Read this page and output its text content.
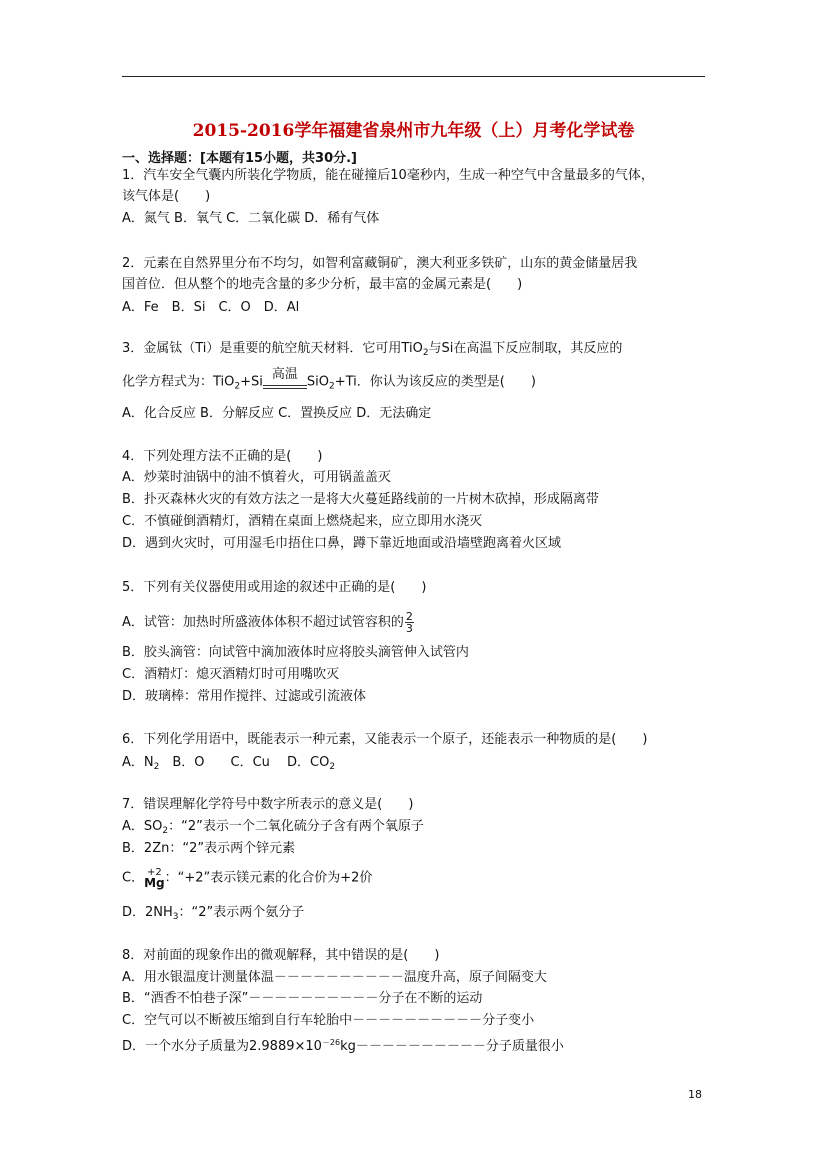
2015-2016学年福建省泉州市九年级（上）月考化学试卷
一、选择题：[本题有15小题，共30分.]
1．汽车安全气囊内所装化学物质，能在碰撞后10毫秒内，生成一种空气中含量最多的气体，
该气体是(　　)
A．氮气 B．氧气 C．二氧化碳 D．稀有气体
2．元素在自然界里分布不均匀，如智利富藏铜矿，澳大利亚多铁矿，山东的黄金储量居我
国首位．但从整个的地壳含量的多少分析，最丰富的金属元素是(　　)
A．Fe　B．Si　C．O　D．Al
3．金属钛（Ti）是重要的航空航天材料．它可用TiO$_2$与Si在高温下反应制取，其反应的
化学方程式为：TiO$_2$+Si 高温 SiO$_2$+Ti．你认为该反应的类型是(　　)
A．化合反应 B．分解反应 C．置换反应 D．无法确定
4．下列处理方法不正确的是(　　)
A．炒菜时油锅中的油不慎着火，可用锅盖盖灭
B．扑灭森林火灾的有效方法之一是将大火蔓延路线前的一片树木砍掉，形成隔离带
C．不慎碰倒酒精灯，酒精在桌面上燃烧起来，应立即用水浇灭
D．遇到火灾时，可用湿毛巾捂住口鼻，蹲下靠近地面或沿墙壁跑离着火区域
5．下列有关仪器使用或用途的叙述中正确的是(　　)
A．试管：加热时所盛液体体积不超过试管容积的 $\frac{2}{3}$
B．胶头滴管：向试管中滴加液体时应将胶头滴管伸入试管内
C．酒精灯：熄灭酒精灯时可用嘴吹灭
D．玻璃棒：常用作搅拌、过滤或引流液体
6．下列化学用语中，既能表示一种元素，又能表示一个原子，还能表示一种物质的是(　　)
A．$N_2$　B．O　　C．Cu　 D．$CO_2$
7．错误理解化学符号中数字所表示的意义是(　　)
A．$SO_2$：“2”表示一个二氧化硫分子含有两个氧原子
B．2Zn：“2”表示两个锌元素
C． +2
Mg ：“+2”表示镁元素的化合价为+2价
D．$2NH_3$：“2”表示两个氨分子
8．对前面的现象作出的微观解释，其中错误的是(　　)
A．用水银温度计测量体温－－－－－－－－－－温度升高，原子间隔变大
B．“酒香不怕巷子深”－－－－－－－－－－分子在不断的运动
C．空气可以不断被压缩到自行车轮胎中－－－－－－－－－－分子变小
D．一个水分子质量为$2.9889\times 10^{-26}kg----------$分子质量很小
18
